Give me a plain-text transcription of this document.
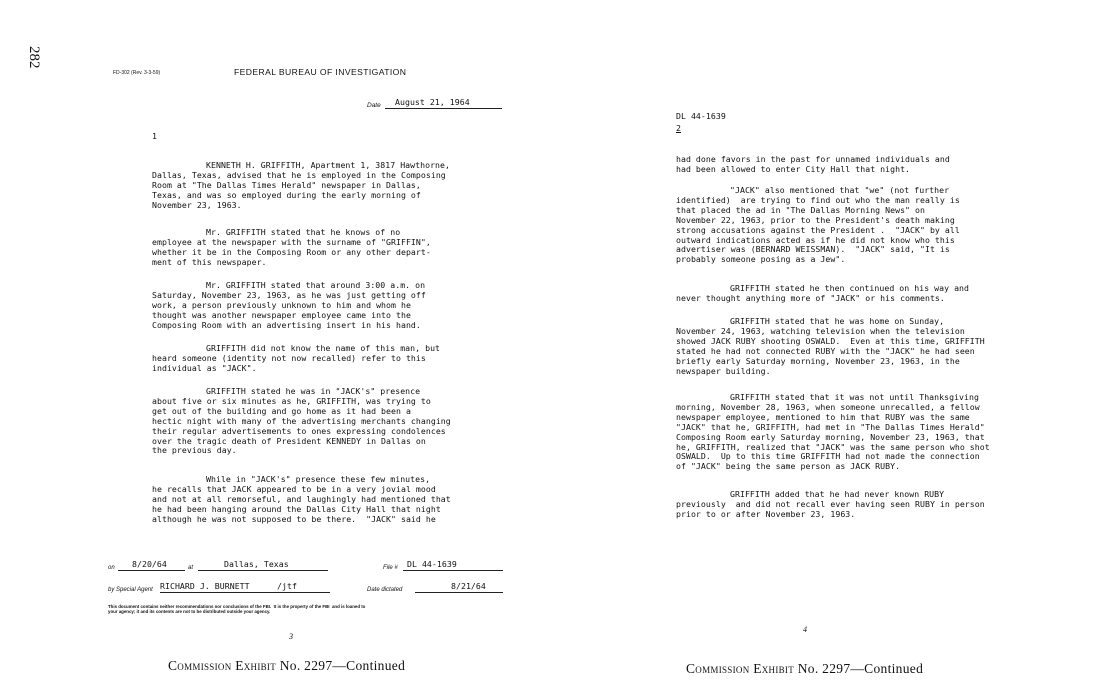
282
FD-302 (Rev. 3-3-59)	FEDERAL BUREAU OF INVESTIGATION
Date	August 21, 1964
1
KENNETH H. GRIFFITH, Apartment 1, 3817 Hawthorne,
Dallas, Texas, advised that he is employed in the Composing
Room at "The Dallas Times Herald" newspaper in Dallas,
Texas, and was so employed during the early morning of
November 23, 1963.
Mr. GRIFFITH stated that he knows of no
employee at the newspaper with the surname of "GRIFFIN",
whether it be in the Composing Room or any other depart-
ment of this newspaper.
Mr. GRIFFITH stated that around 3:00 a.m. on
Saturday, November 23, 1963, as he was just getting off
work, a person previously unknown to him and whom he
thought was another newspaper employee came into the
Composing Room with an advertising insert in his hand.
GRIFFITH did not know the name of this man, but
heard someone (identity not now recalled) refer to this
individual as "JACK".
GRIFFITH stated he was in "JACK's" presence
about five or six minutes as he, GRIFFITH, was trying to
get out of the building and go home as it had been a
hectic night with many of the advertising merchants changing
their regular advertisements to ones expressing condolences
over the tragic death of President KENNEDY in Dallas on
the previous day.
While in "JACK's" presence these few minutes,
he recalls that JACK appeared to be in a very jovial mood
and not at all remorseful, and laughingly had mentioned that
he had been hanging around the Dallas City Hall that night
although he was not supposed to be there.  "JACK" said he
on	8/20/64	at	Dallas, Texas	File #	DL 44-1639
by Special Agent RICHARD J. BURNETT	/jtf	Date dictated	8/21/64
This document contains neither recommendations nor conclusions of the FBI.  It is the property of the FBI  and is loaned to
your agency; it and its contents are not to be distributed outside your agency.
3
Commission Exhibit No. 2297—Continued
DL 44-1639
2
had done favors in the past for unnamed individuals and
had been allowed to enter City Hall that night.
"JACK" also mentioned that "we" (not further
identified)  are trying to find out who the man really is
that placed the ad in "The Dallas Morning News" on
November 22, 1963, prior to the President's death making
strong accusations against the President .  "JACK" by all
outward indications acted as if he did not know who this
advertiser was (BERNARD WEISSMAN).  "JACK" said, "It is
probably someone posing as a Jew".
GRIFFITH stated he then continued on his way and
never thought anything more of "JACK" or his comments.
GRIFFITH stated that he was home on Sunday,
November 24, 1963, watching television when the television
showed JACK RUBY shooting OSWALD.  Even at this time, GRIFFITH
stated he had not connected RUBY with the "JACK" he had seen
briefly early Saturday morning, November 23, 1963, in the
newspaper building.
GRIFFITH stated that it was not until Thanksgiving
morning, November 28, 1963, when someone unrecalled, a fellow
newspaper employee, mentioned to him that RUBY was the same
"JACK" that he, GRIFFITH, had met in "The Dallas Times Herald"
Composing Room early Saturday morning, November 23, 1963, that
he, GRIFFITH, realized that "JACK" was the same person who shot
OSWALD.  Up to this time GRIFFITH had not made the connection
of "JACK" being the same person as JACK RUBY.
GRIFFITH added that he had never known RUBY
previously  and did not recall ever having seen RUBY in person
prior to or after November 23, 1963.
4
Commission Exhibit No. 2297—Continued
